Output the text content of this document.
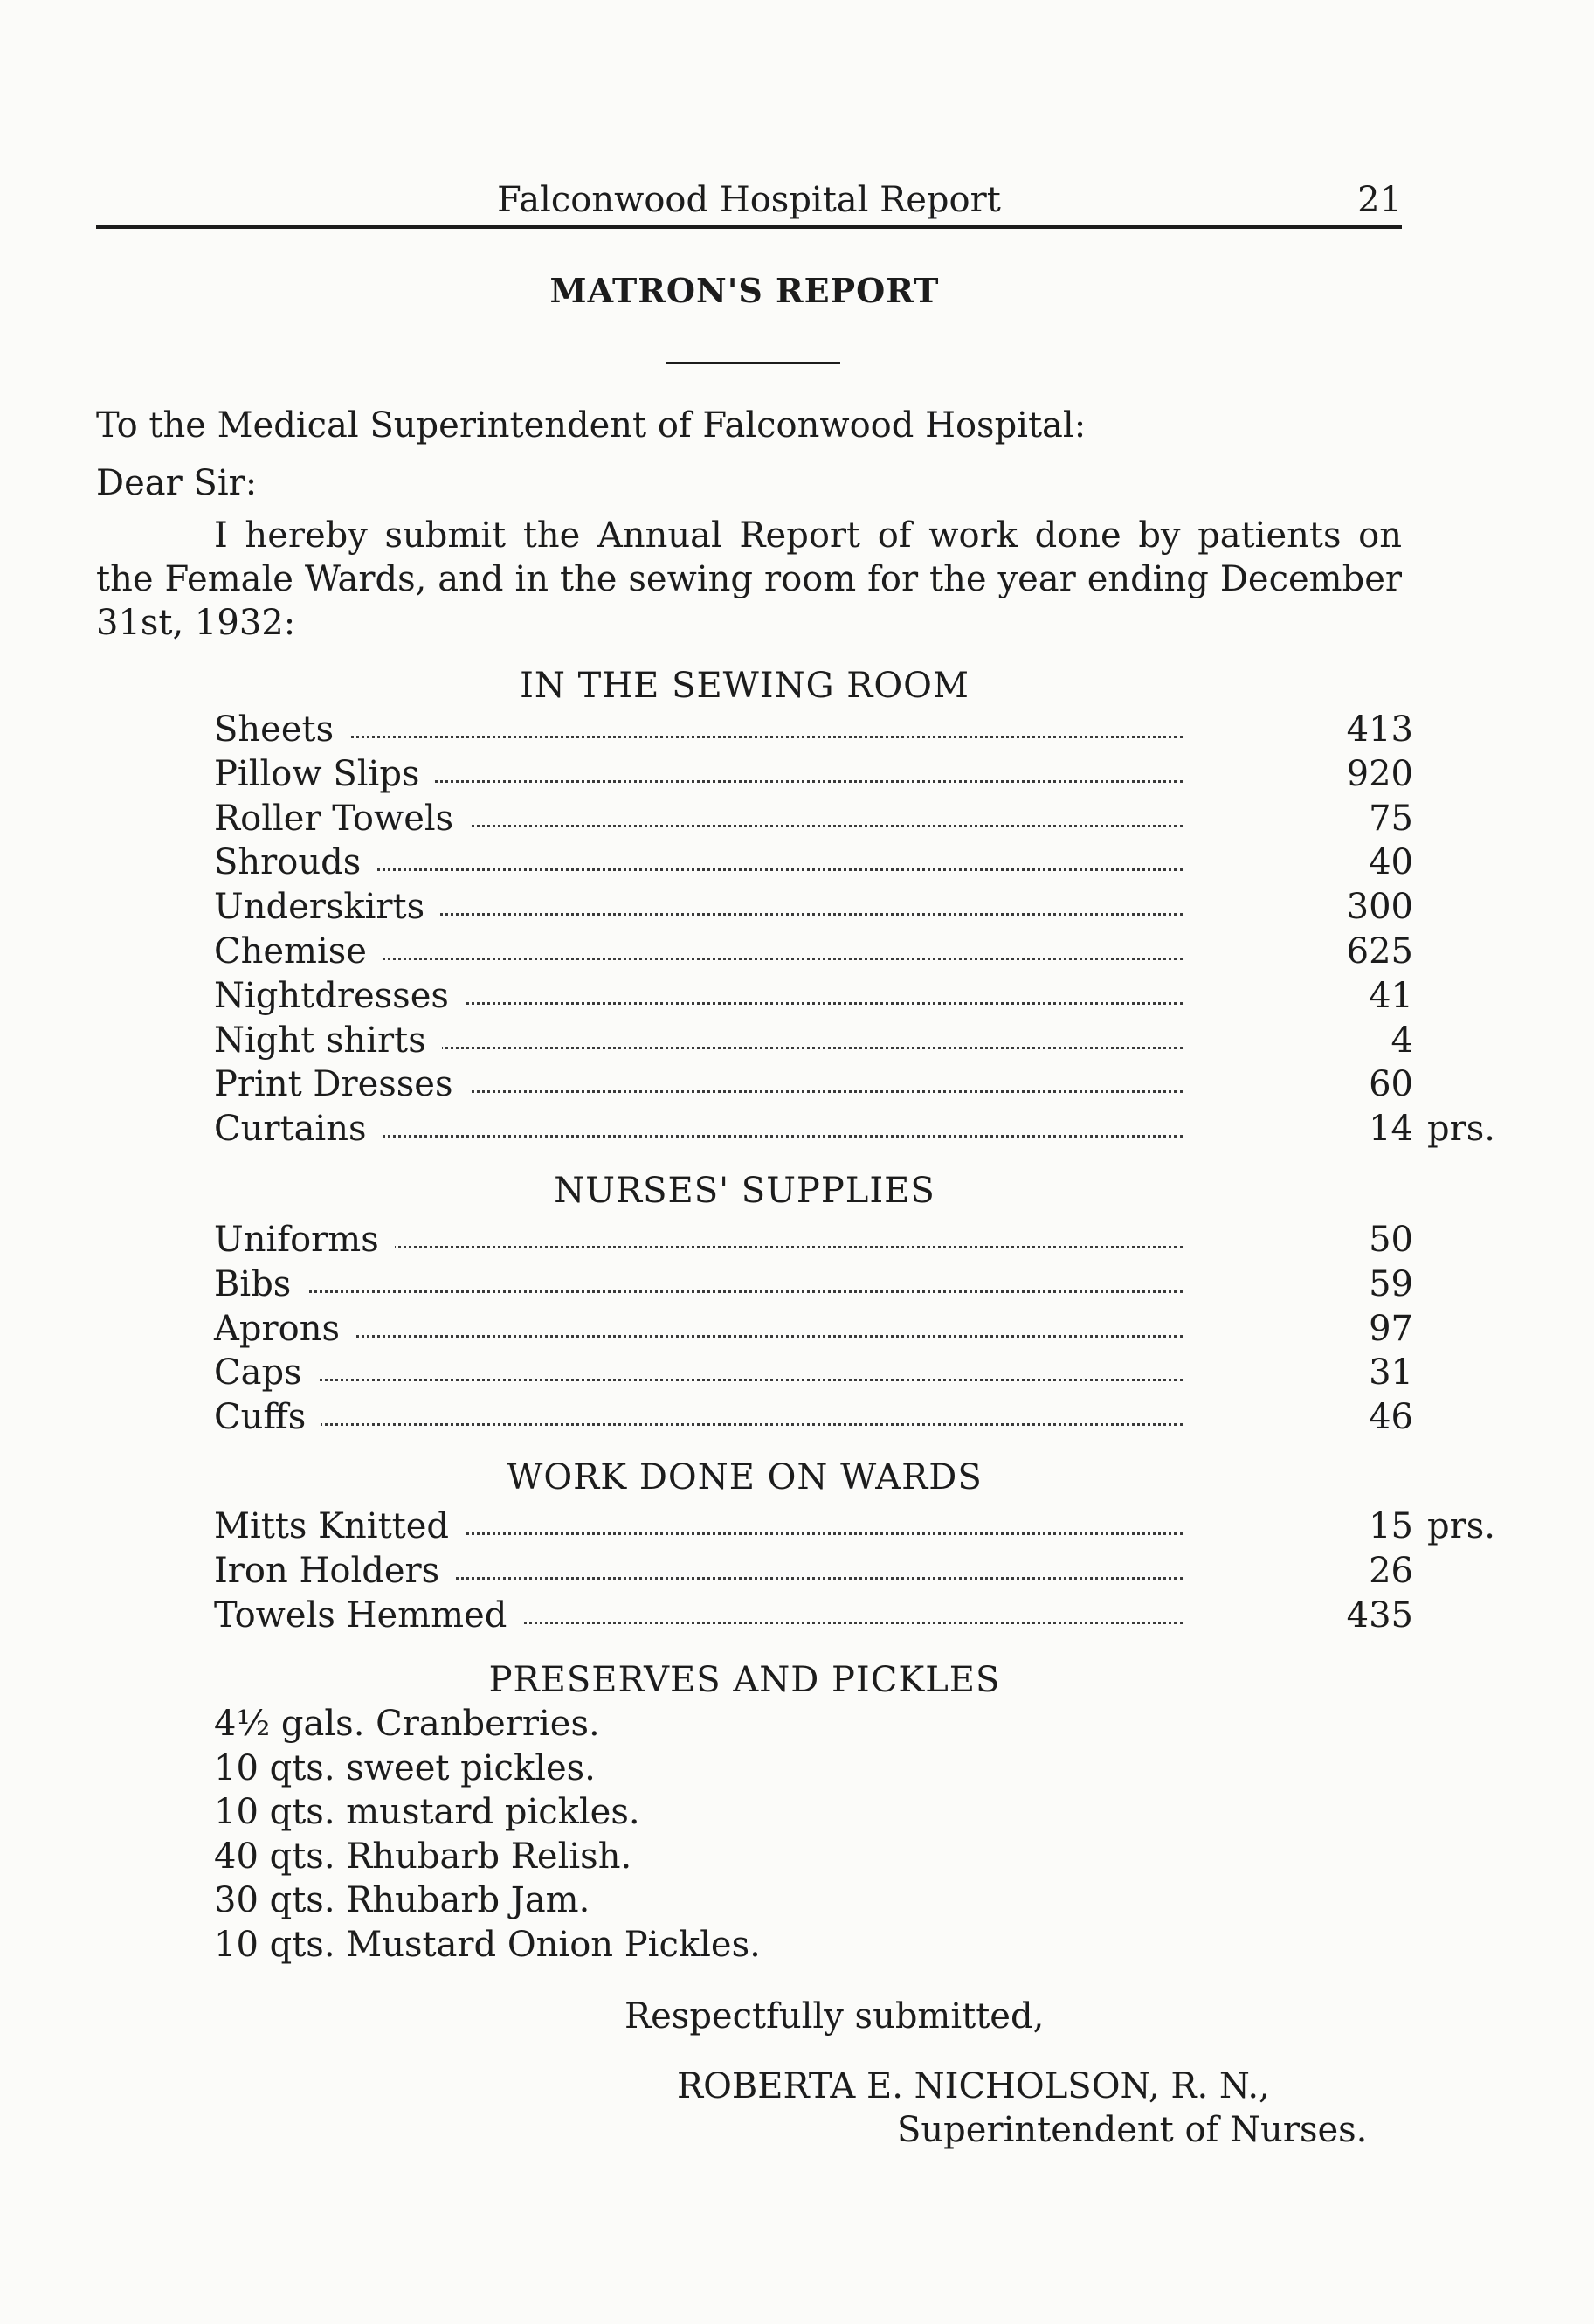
Falconwood Hospital Report	21
MATRON'S REPORT
To the Medical Superintendent of Falconwood Hospital:
Dear Sir:
I hereby submit the Annual Report of work done by patients on
the Female Wards, and in the sewing room for the year ending December
31st, 1932:
IN THE SEWING ROOM
Sheets	413
Pillow Slips	920
Roller Towels	75
Shrouds	40
Underskirts	300
Chemise	625
Nightdresses	41
Night shirts	4
Print Dresses	60
Curtains	14 prs.
NURSES' SUPPLIES
Uniforms	50
Bibs	59
Aprons	97
Caps	31
Cuffs	46
WORK DONE ON WARDS
Mitts Knitted	15 prs.
Iron Holders	26
Towels Hemmed	435
PRESERVES AND PICKLES
4½ gals. Cranberries.
10 qts. sweet pickles.
10 qts. mustard pickles.
40 qts. Rhubarb Relish.
30 qts. Rhubarb Jam.
10 qts. Mustard Onion Pickles.
Respectfully submitted,
ROBERTA E. NICHOLSON, R. N.,
Superintendent of Nurses.
